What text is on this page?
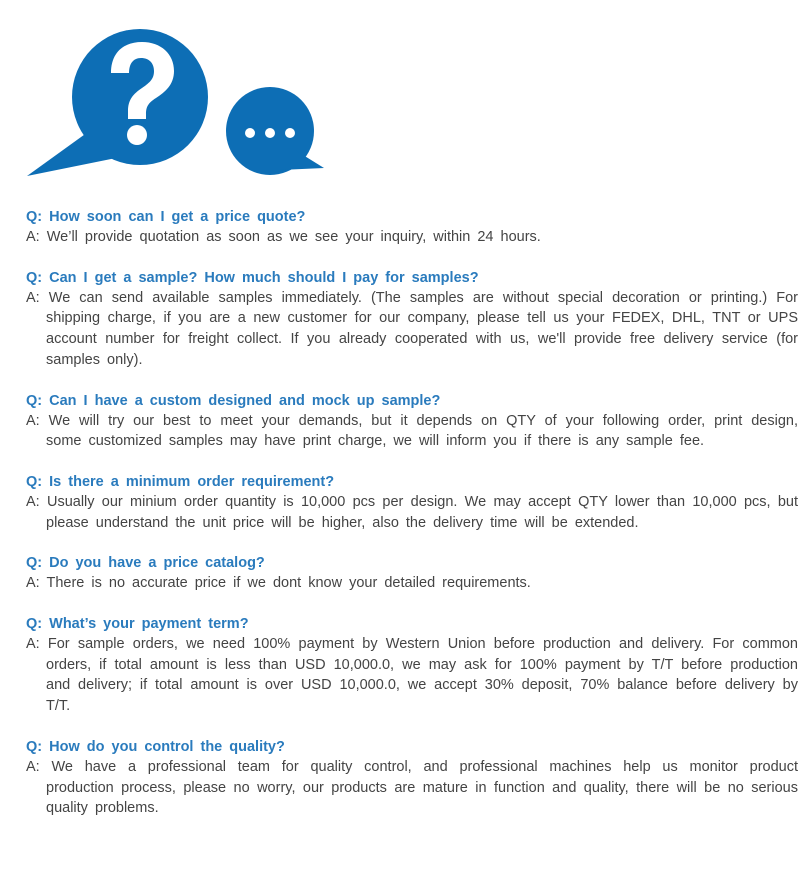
Q: How soon can I get a price quote?
A: We’ll provide quotation as soon as we see your inquiry, within 24 hours.
Q: Can I get a sample? How much should I pay for samples?
A: We can send available samples immediately. (The samples are without special decoration or printing.) For shipping charge, if you are a new customer for our company, please tell us your FEDEX, DHL, TNT or UPS account number for freight collect. If you already cooperated with us, we'll provide free delivery service (for samples only).
Q: Can I have a custom designed and mock up sample?
A: We will try our best to meet your demands, but it depends on QTY of your following order, print design, some customized samples may have print charge, we will inform you if there is any sample fee.
Q: Is there a minimum order requirement?
A: Usually our minium order quantity is 10,000 pcs per design. We may accept QTY lower than 10,000 pcs, but please understand the unit price will be higher, also the delivery time will be extended.
Q: Do you have a price catalog?
A: There is no accurate price if we dont know your detailed requirements.
Q: What’s your payment term?
A: For sample orders, we need 100% payment by Western Union before production and delivery. For common orders, if total amount is less than USD 10,000.0, we may ask for 100% payment by T/T before production and delivery; if total amount is over USD 10,000.0, we accept 30% deposit, 70% balance before delivery by T/T.
Q: How do you control the quality?
A: We have a professional team for quality control, and professional machines help us monitor product production process, please no worry, our products are mature in function and quality, there will be no serious quality problems.
